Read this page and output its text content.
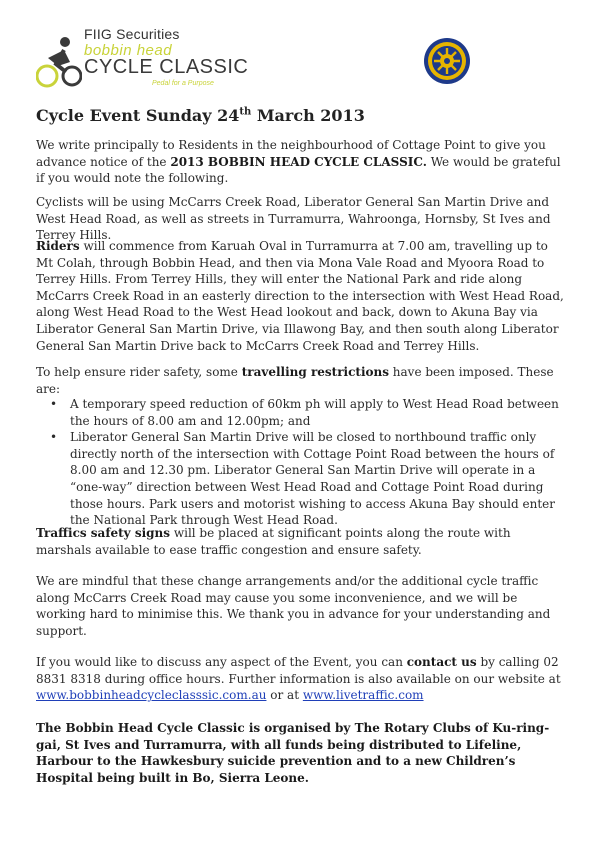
FIIG Securities
bobbin head
CYCLE CLASSIC
Pedal for a Purpose
Cycle Event Sunday 24th March 2013

We write principally to Residents in the neighbourhood of Cottage Point to give you advance notice of the 2013 BOBBIN HEAD CYCLE CLASSIC. We would be grateful if you would note the following.

Cyclists will be using McCarrs Creek Road, Liberator General San Martin Drive and West Head Road, as well as streets in Turramurra, Wahroonga, Hornsby, St Ives and Terrey Hills.

Riders will commence from Karuah Oval in Turramurra at 7.00 am, travelling up to Mt Colah, through Bobbin Head, and then via Mona Vale Road and Myoora Road to Terrey Hills. From Terrey Hills, they will enter the National Park and ride along McCarrs Creek Road in an easterly direction to the intersection with West Head Road, along West Head Road to the West Head lookout and back, down to Akuna Bay via Liberator General San Martin Drive, via Illawong Bay, and then south along Liberator General San Martin Drive back to McCarrs Creek Road and Terrey Hills.

To help ensure rider safety, some travelling restrictions have been imposed. These are:

• A temporary speed reduction of 60km ph will apply to West Head Road between the hours of 8.00 am and 12.00pm; and
• Liberator General San Martin Drive will be closed to northbound traffic only directly north of the intersection with Cottage Point Road between the hours of 8.00 am and 12.30 pm. Liberator General San Martin Drive will operate in a “one-way” direction between West Head Road and Cottage Point Road during those hours. Park users and motorist wishing to access Akuna Bay should enter the National Park through West Head Road.

Traffics safety signs will be placed at significant points along the route with marshals available to ease traffic congestion and ensure safety.

We are mindful that these change arrangements and/or the additional cycle traffic along McCarrs Creek Road may cause you some inconvenience, and we will be working hard to minimise this. We thank you in advance for your understanding and support.

If you would like to discuss any aspect of the Event, you can contact us by calling 02 8831 8318 during office hours. Further information is also available on our website at www.bobbinheadcycleclasssic.com.au or at www.livetraffic.com

The Bobbin Head Cycle Classic is organised by The Rotary Clubs of Ku-ring-gai, St Ives and Turramurra, with all funds being distributed to Lifeline, Harbour to the Hawkesbury suicide prevention and to a new Children’s Hospital being built in Bo, Sierra Leone.
